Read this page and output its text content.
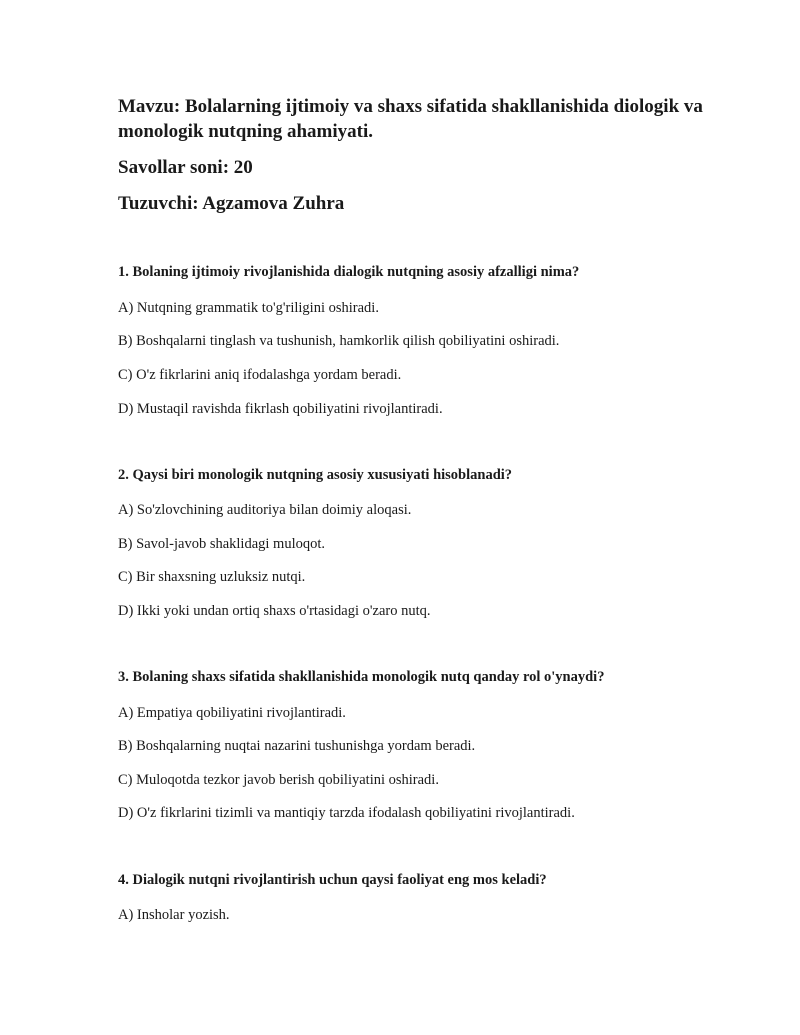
Mavzu: Bolalarning ijtimoiy va shaxs sifatida shakllanishida diologik va monologik nutqning ahamiyati.

Savollar soni: 20

Tuzuvchi: Agzamova Zuhra

1. Bolaning ijtimoiy rivojlanishida dialogik nutqning asosiy afzalligi nima?

A) Nutqning grammatik to'g'riligini oshiradi.

B) Boshqalarni tinglash va tushunish, hamkorlik qilish qobiliyatini oshiradi.

C) O'z fikrlarini aniq ifodalashga yordam beradi.

D) Mustaqil ravishda fikrlash qobiliyatini rivojlantiradi.

2. Qaysi biri monologik nutqning asosiy xususiyati hisoblanadi?

A) So'zlovchining auditoriya bilan doimiy aloqasi.

B) Savol-javob shaklidagi muloqot.

C) Bir shaxsning uzluksiz nutqi.

D) Ikki yoki undan ortiq shaxs o'rtasidagi o'zaro nutq.

3. Bolaning shaxs sifatida shakllanishida monologik nutq qanday rol o'ynaydi?

A) Empatiya qobiliyatini rivojlantiradi.

B) Boshqalarning nuqtai nazarini tushunishga yordam beradi.

C) Muloqotda tezkor javob berish qobiliyatini oshiradi.

D) O'z fikrlarini tizimli va mantiqiy tarzda ifodalash qobiliyatini rivojlantiradi.

4. Dialogik nutqni rivojlantirish uchun qaysi faoliyat eng mos keladi?

A) Insholar yozish.
